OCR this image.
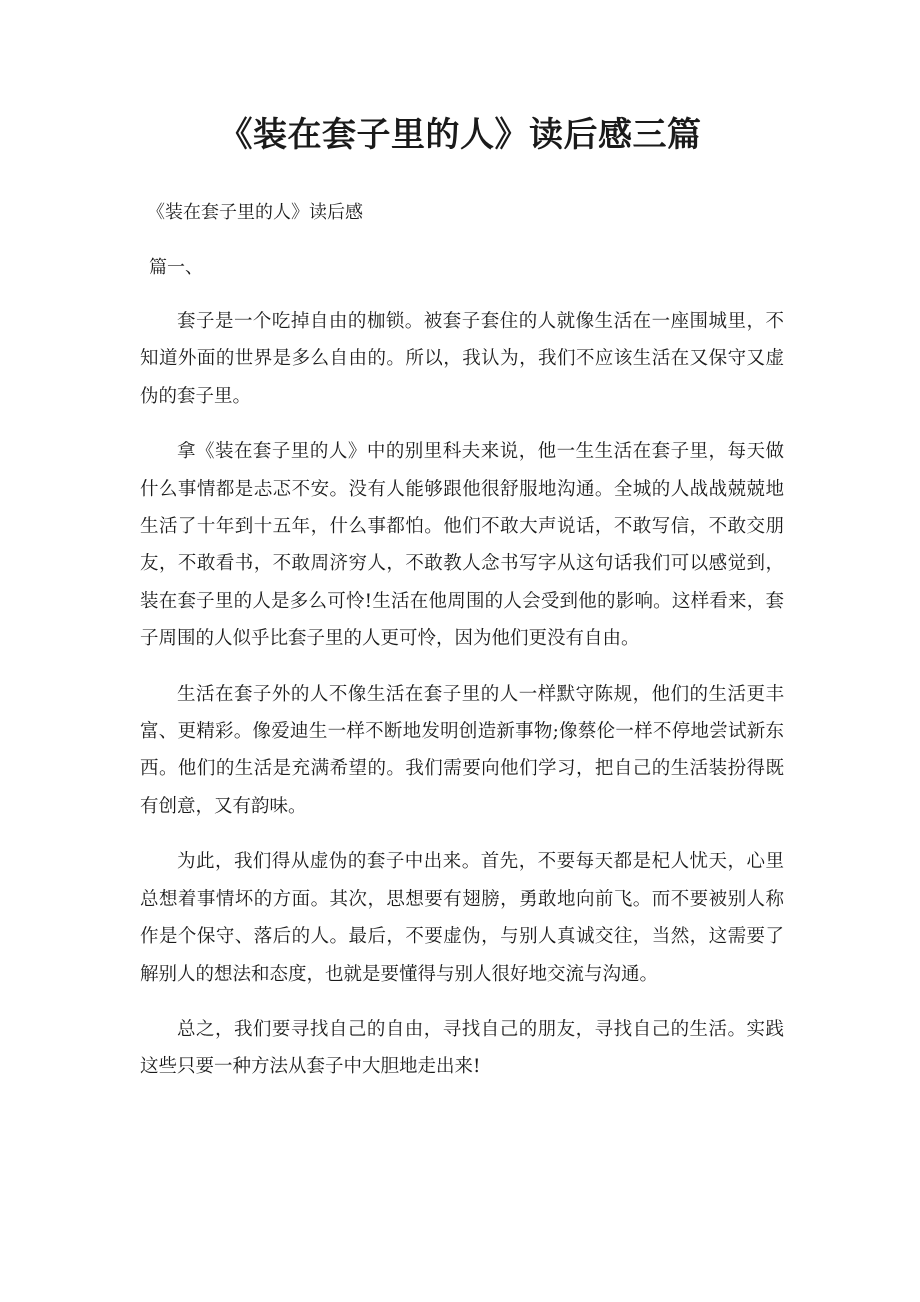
《装在套子里的人》读后感三篇
《装在套子里的人》读后感
篇一、

套子是一个吃掉自由的枷锁。被套子套住的人就像生活在一座围城里，不知道外面的世界是多么自由的。所以，我认为，我们不应该生活在又保守又虚伪的套子里。

拿《装在套子里的人》中的别里科夫来说，他一生生活在套子里，每天做什么事情都是忐忑不安。没有人能够跟他很舒服地沟通。全城的人战战兢兢地生活了十年到十五年，什么事都怕。他们不敢大声说话，不敢写信，不敢交朋友，不敢看书，不敢周济穷人，不敢教人念书写字从这句话我们可以感觉到，装在套子里的人是多么可怜!生活在他周围的人会受到他的影响。这样看来，套子周围的人似乎比套子里的人更可怜，因为他们更没有自由。

生活在套子外的人不像生活在套子里的人一样默守陈规，他们的生活更丰富、更精彩。像爱迪生一样不断地发明创造新事物;像蔡伦一样不停地尝试新东西。他们的生活是充满希望的。我们需要向他们学习，把自己的生活装扮得既有创意，又有韵味。

为此，我们得从虚伪的套子中出来。首先，不要每天都是杞人忧天，心里总想着事情坏的方面。其次，思想要有翅膀，勇敢地向前飞。而不要被别人称作是个保守、落后的人。最后，不要虚伪，与别人真诚交往，当然，这需要了解别人的想法和态度，也就是要懂得与别人很好地交流与沟通。

总之，我们要寻找自己的自由，寻找自己的朋友，寻找自己的生活。实践这些只要一种方法从套子中大胆地走出来!
